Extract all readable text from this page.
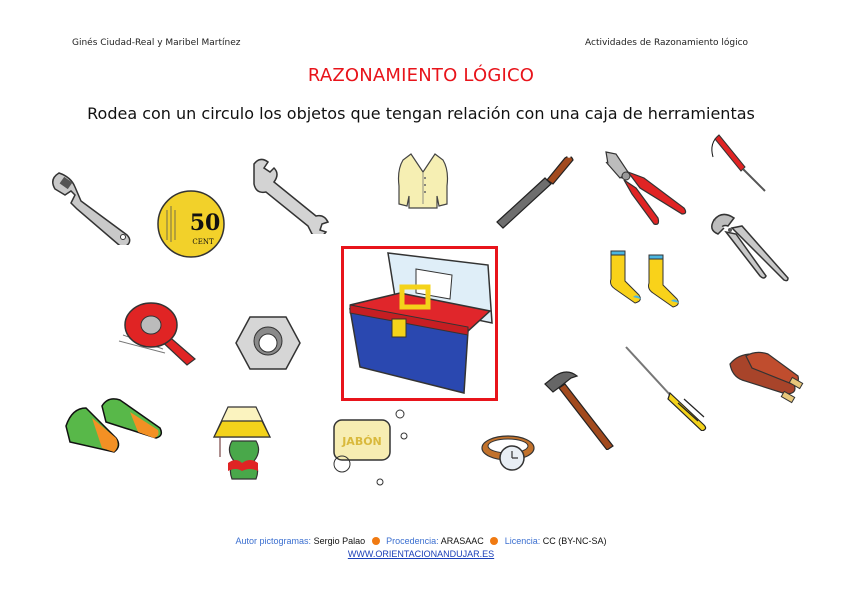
Ginés Ciudad-Real y Maribel Martínez	Actividades de Razonamiento lógico
RAZONAMIENTO LÓGICO
Rodea con un circulo los objetos que tengan relación con una caja de herramientas
50
CENT
JABÓN
Autor pictogramas: Sergio Palao Procedencia: ARASAAC Licencia: CC (BY-NC-SA)
WWW.ORIENTACIONANDUJAR.ES
